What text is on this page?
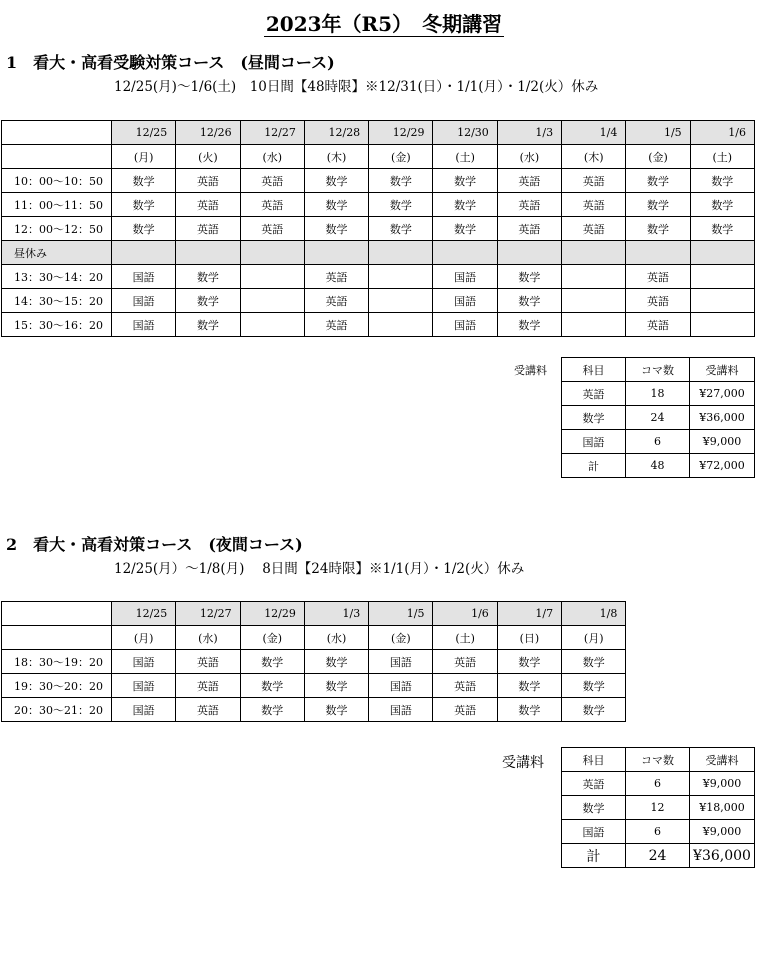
2023年（R5）　冬期講習
1　看大・高看受験対策コース　(昼間コース)
12/25(月)〜1/6(土)　10日間【48時限】※12/31(日）・1/1(月）・1/2(火）休み
	12/25	12/26	12/27	12/28	12/29	12/30	1/3	1/4	1/5	1/6
	(月)	(火)	(水)	(木)	(金)	(土)	(水)	(木)	(金)	(土)
10：00〜10：50	数学	英語	英語	数学	数学	数学	英語	英語	数学	数学
11：00〜11：50	数学	英語	英語	数学	数学	数学	英語	英語	数学	数学
12：00〜12：50	数学	英語	英語	数学	数学	数学	英語	英語	数学	数学
昼休み										
13：30〜14：20	国語	数学		英語		国語	数学		英語	
14：30〜15：20	国語	数学		英語		国語	数学		英語	
15：30〜16：20	国語	数学		英語		国語	数学		英語	
受講料	科目	コマ数	受講料
英語	18	¥27,000
数学	24	¥36,000
国語	6	¥9,000
計	48	¥72,000
2　看大・高看対策コース　(夜間コース)
12/25(月）〜1/8(月)　 8日間【24時限】※1/1(月）・1/2(火）休み
	12/25	12/27	12/29	1/3	1/5	1/6	1/7	1/8
	(月)	(水)	(金)	(水)	(金)	(土)	(日)	(月)
18：30〜19：20	国語	英語	数学	数学	国語	英語	数学	数学
19：30〜20：20	国語	英語	数学	数学	国語	英語	数学	数学
20：30〜21：20	国語	英語	数学	数学	国語	英語	数学	数学
受講料	科目	コマ数	受講料
英語	6	¥9,000
数学	12	¥18,000
国語	6	¥9,000
計	24	¥36,000
